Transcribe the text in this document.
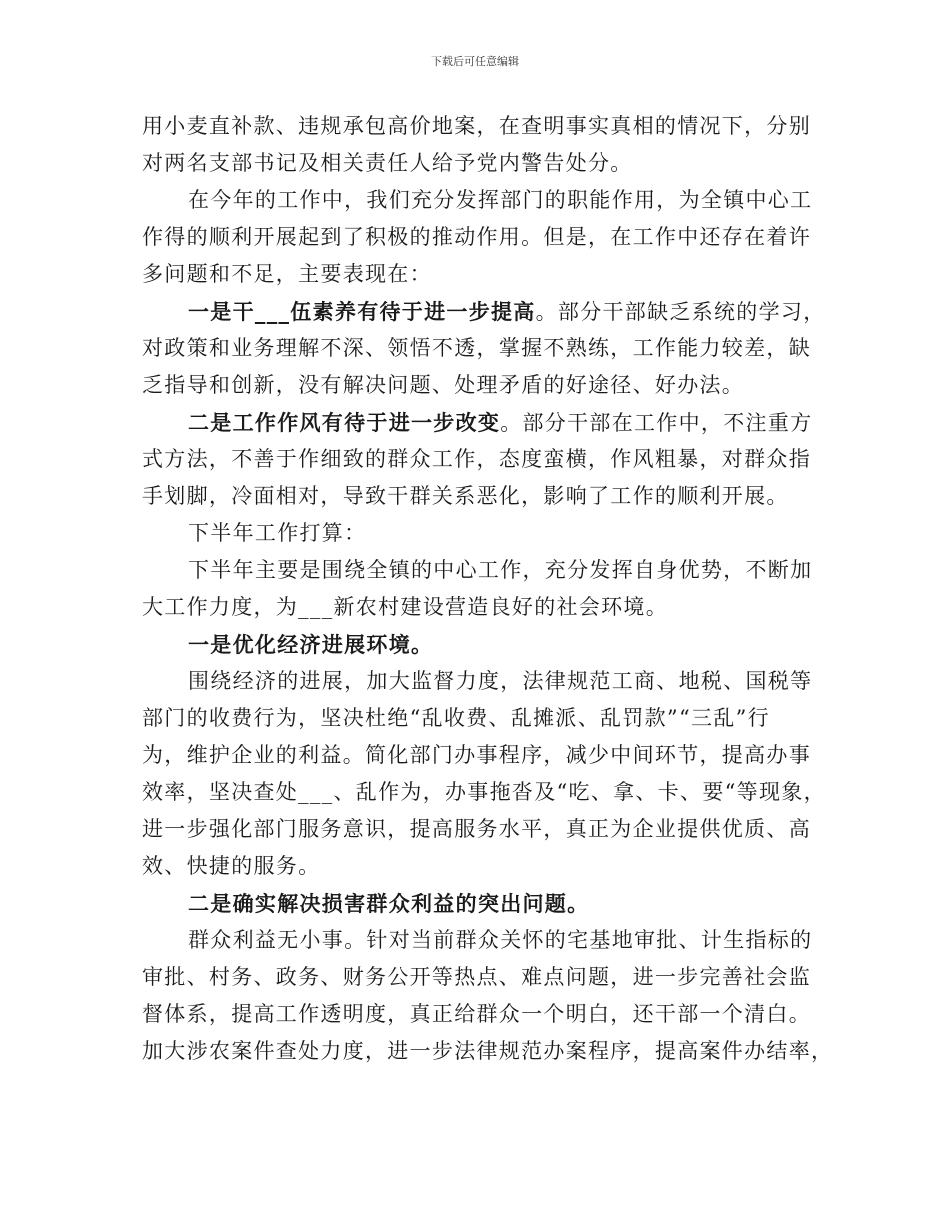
下载后可任意编辑
用小麦直补款、违规承包高价地案，在查明事实真相的情况下，分别
对两名支部书记及相关责任人给予党内警告处分。
在今年的工作中，我们充分发挥部门的职能作用，为全镇中心工
作得的顺利开展起到了积极的推动作用。但是，在工作中还存在着许
多问题和不足，主要表现在：
一是干___伍素养有待于进一步提高。部分干部缺乏系统的学习，
对政策和业务理解不深、领悟不透，掌握不熟练，工作能力较差，缺
乏指导和创新，没有解决问题、处理矛盾的好途径、好办法。
二是工作作风有待于进一步改变。部分干部在工作中，不注重方
式方法，不善于作细致的群众工作，态度蛮横，作风粗暴，对群众指
手划脚，冷面相对，导致干群关系恶化，影响了工作的顺利开展。
下半年工作打算：
下半年主要是围绕全镇的中心工作，充分发挥自身优势，不断加
大工作力度，为___新农村建设营造良好的社会环境。
一是优化经济进展环境。
围绕经济的进展，加大监督力度，法律规范工商、地税、国税等
部门的收费行为，坚决杜绝“乱收费、乱摊派、乱罚款”“三乱”行
为，维护企业的利益。简化部门办事程序，减少中间环节，提高办事
效率，坚决查处___、乱作为，办事拖沓及“吃、拿、卡、要“等现象，
进一步强化部门服务意识，提高服务水平，真正为企业提供优质、高
效、快捷的服务。
二是确实解决损害群众利益的突出问题。
群众利益无小事。针对当前群众关怀的宅基地审批、计生指标的
审批、村务、政务、财务公开等热点、难点问题，进一步完善社会监
督体系，提高工作透明度，真正给群众一个明白，还干部一个清白。
加大涉农案件查处力度，进一步法律规范办案程序，提高案件办结率，
